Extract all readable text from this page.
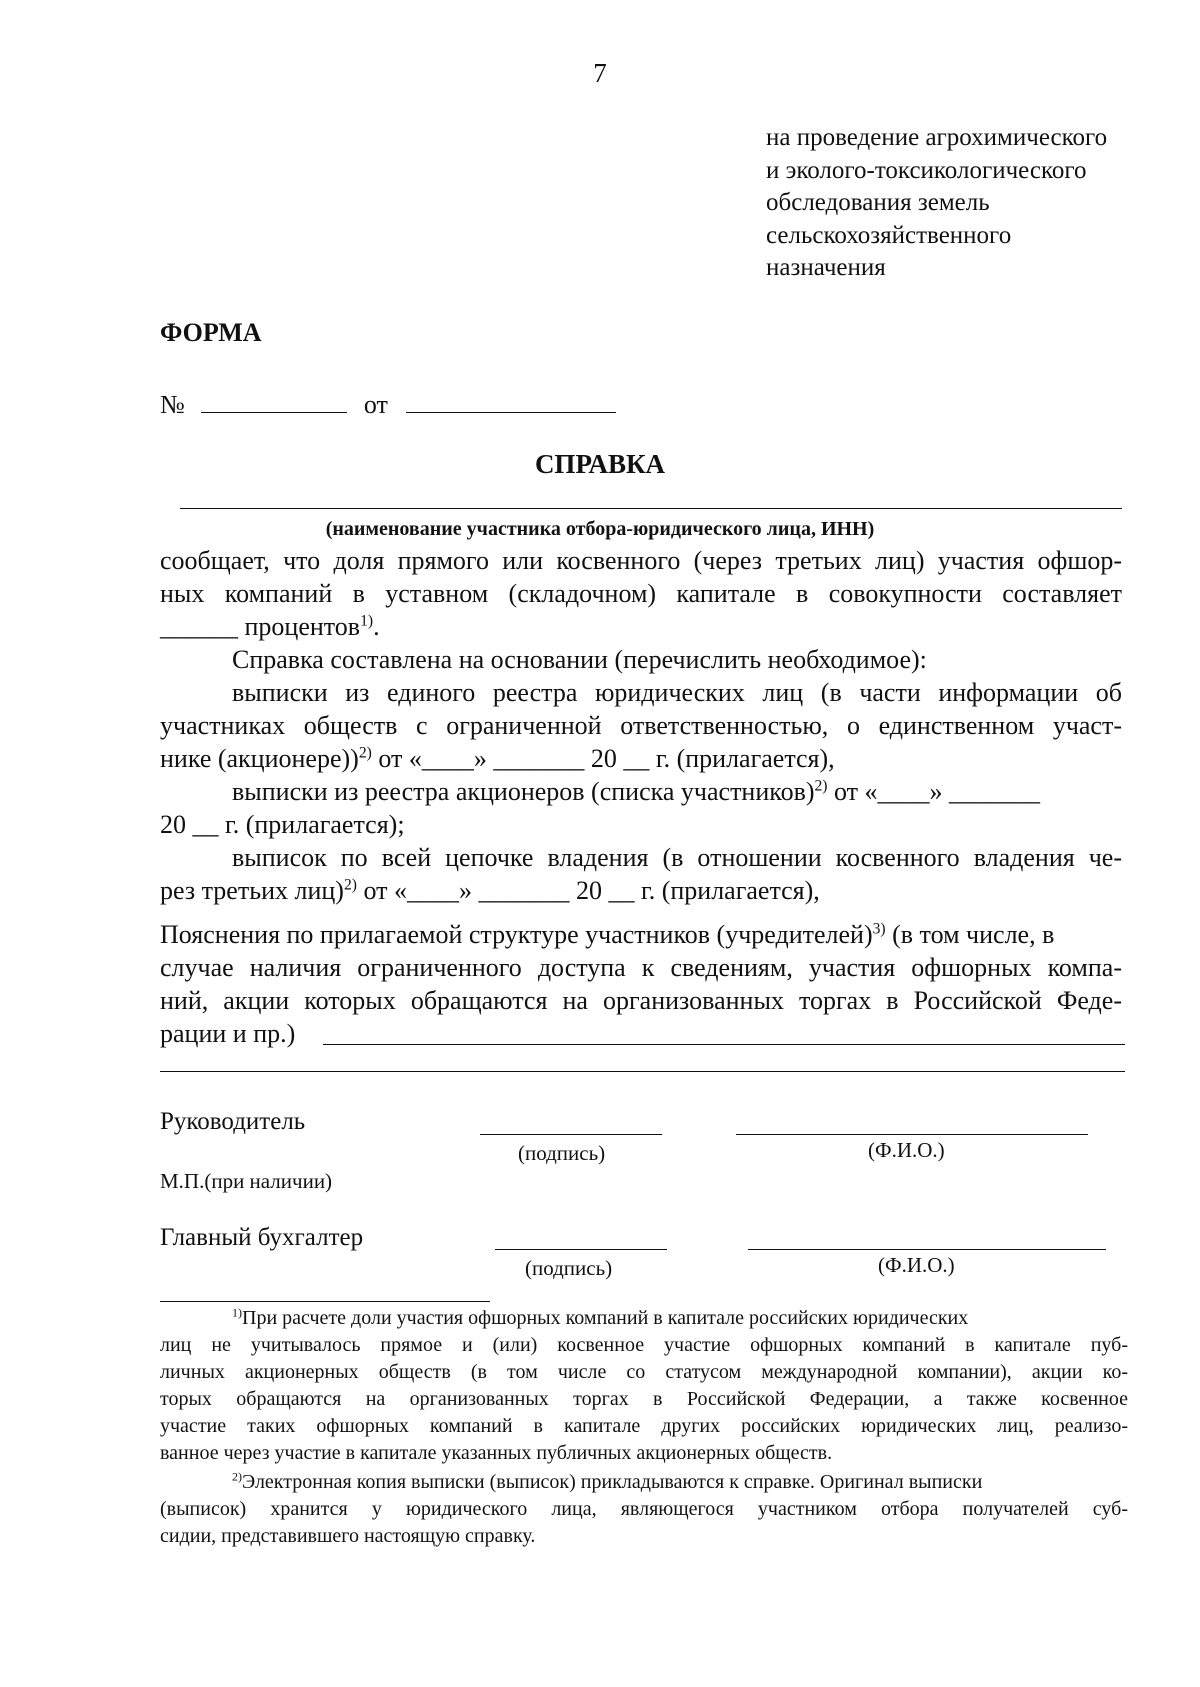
7
на проведение агрохимического
и эколого-токсикологического
обследования земель
сельскохозяйственного
назначения
ФОРМА
№	от
СПРАВКА
(наименование участника отбора-юридического лица, ИНН)
сообщает, что доля прямого или косвенного (через третьих лиц) участия офшор-
ных компаний в уставном (складочном) капитале в совокупности составляет
______ процентов$^{1)}$.
Справка составлена на основании (перечислить необходимое):
выписки из единого реестра юридических лиц (в части информации об
участниках обществ с ограниченной ответственностью, о единственном участ-
нике (акционере))$^{2)}$ от «____» _______ 20 __ г. (прилагается),
выписки из реестра акционеров (списка участников)$^{2)}$ от «____» _______
20 __ г. (прилагается);
выписок по всей цепочке владения (в отношении косвенного владения че-
рез третьих лиц)$^{2)}$ от «____» _______ 20 __ г. (прилагается),
Пояснения по прилагаемой структуре участников (учредителей)$^{3)}$ (в том числе, в
случае наличия ограниченного доступа к сведениям, участия офшорных компа-
ний, акции которых обращаются на организованных торгах в Российской Феде-
рации и пр.)
Руководитель
(подпись)	(Ф.И.О.)
М.П.(при наличии)
Главный бухгалтер
(подпись)	(Ф.И.О.)
$^{1)}$При расчете доли участия офшорных компаний в капитале российских юридических
лиц не учитывалось прямое и (или) косвенное участие офшорных компаний в капитале пуб-
личных акционерных обществ (в том числе со статусом международной компании), акции ко-
торых обращаются на организованных торгах в Российской Федерации, а также косвенное
участие таких офшорных компаний в капитале других российских юридических лиц, реализо-
ванное через участие в капитале указанных публичных акционерных обществ.
$^{2)}$Электронная копия выписки (выписок) прикладываются к справке. Оригинал выписки
(выписок) хранится у юридического лица, являющегося участником отбора получателей суб-
сидии, представившего настоящую справку.
